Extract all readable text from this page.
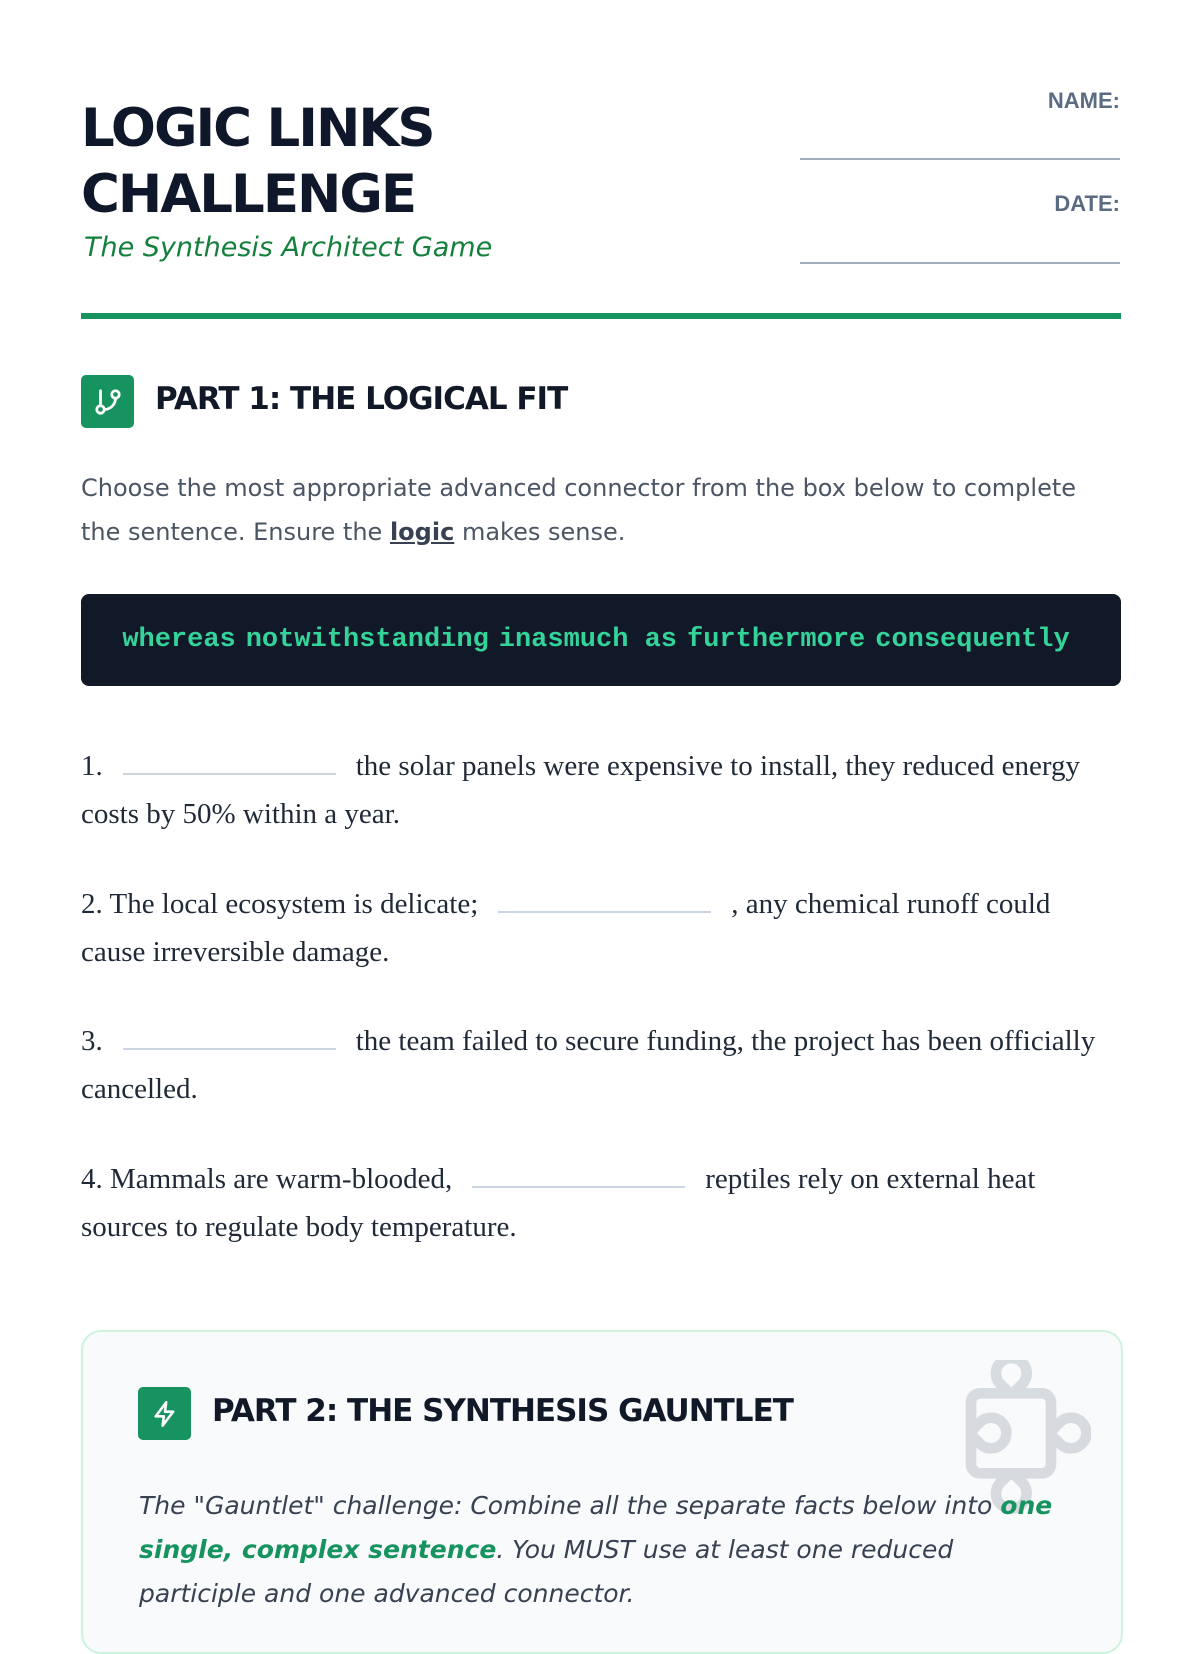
LOGIC LINKS
CHALLENGE
The Synthesis Architect Game
NAME:
DATE:
PART 1: THE LOGICAL FIT
Choose the most appropriate advanced connector from the box below to complete the sentence. Ensure the logic makes sense.
whereas notwithstanding inasmuch as furthermore consequently
1.	the solar panels were expensive to install, they reduced energy costs by 50% within a year.
2. The local ecosystem is delicate;	, any chemical runoff could cause irreversible damage.
3.	the team failed to secure funding, the project has been officially cancelled.
4. Mammals are warm-blooded,	reptiles rely on external heat sources to regulate body temperature.
PART 2: THE SYNTHESIS GAUNTLET
The "Gauntlet" challenge: Combine all the separate facts below into one single, complex sentence. You MUST use at least one reduced participle and one advanced connector.
